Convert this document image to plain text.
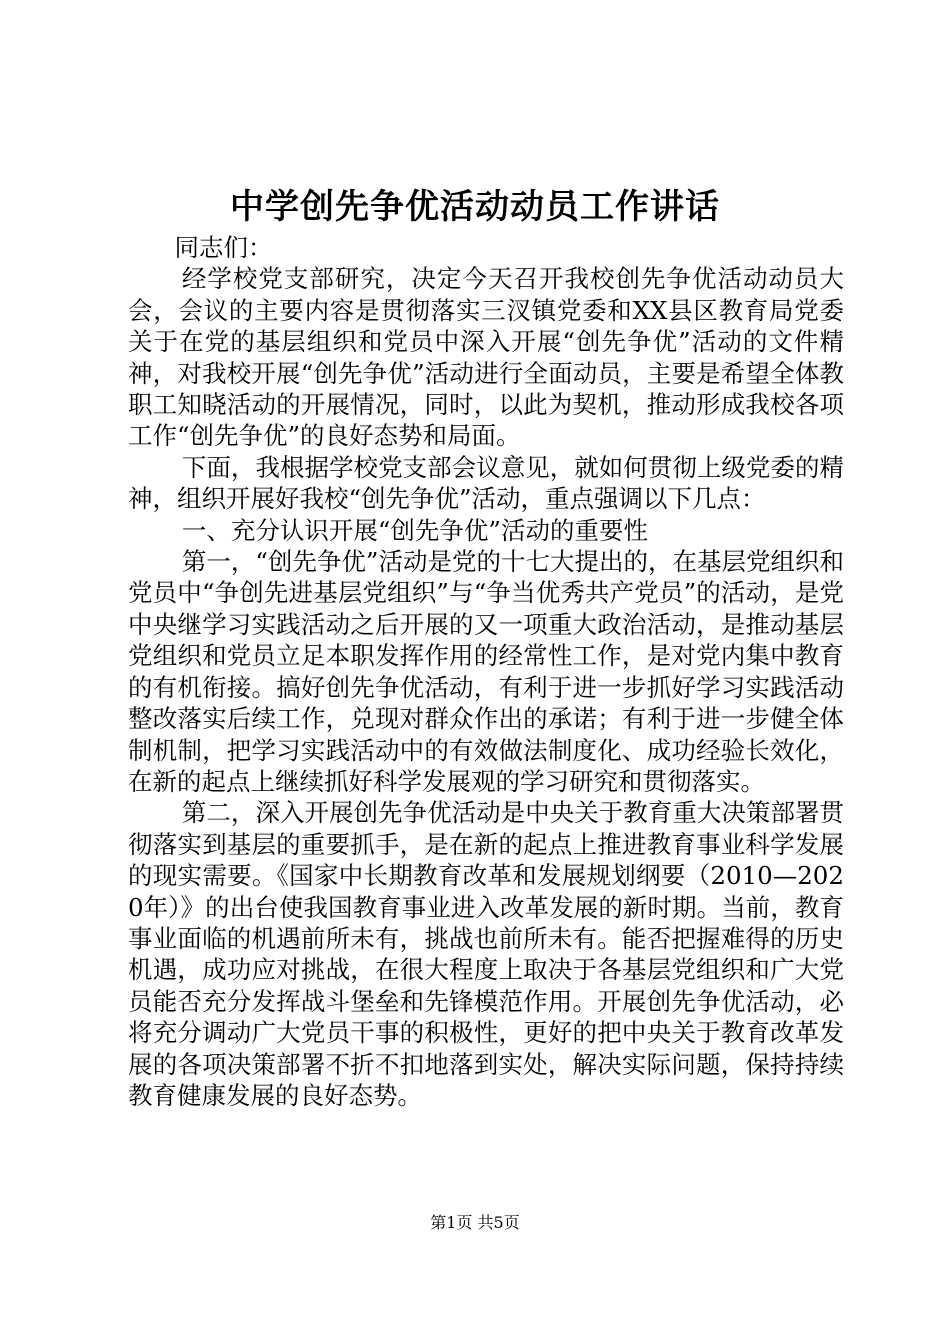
中学创先争优活动动员工作讲话

同志们：

经学校党支部研究，决定今天召开我校创先争优活动动员大会，会议的主要内容是贯彻落实三汊镇党委和XX县区教育局党委关于在党的基层组织和党员中深入开展“创先争优”活动的文件精神，对我校开展“创先争优”活动进行全面动员，主要是希望全体教职工知晓活动的开展情况，同时，以此为契机，推动形成我校各项工作“创先争优”的良好态势和局面。

下面，我根据学校党支部会议意见，就如何贯彻上级党委的精神，组织开展好我校“创先争优”活动，重点强调以下几点：

一、充分认识开展“创先争优”活动的重要性

第一，“创先争优”活动是党的十七大提出的，在基层党组织和党员中“争创先进基层党组织”与“争当优秀共产党员”的活动，是党中央继学习实践活动之后开展的又一项重大政治活动，是推动基层党组织和党员立足本职发挥作用的经常性工作，是对党内集中教育的有机衔接。搞好创先争优活动，有利于进一步抓好学习实践活动整改落实后续工作，兑现对群众作出的承诺；有利于进一步健全体制机制，把学习实践活动中的有效做法制度化、成功经验长效化，在新的起点上继续抓好科学发展观的学习研究和贯彻落实。

第二，深入开展创先争优活动是中央关于教育重大决策部署贯彻落实到基层的重要抓手，是在新的起点上推进教育事业科学发展的现实需要。《国家中长期教育改革和发展规划纲要（2010—2020年）》的出台使我国教育事业进入改革发展的新时期。当前，教育事业面临的机遇前所未有，挑战也前所未有。能否把握难得的历史机遇，成功应对挑战，在很大程度上取决于各基层党组织和广大党员能否充分发挥战斗堡垒和先锋模范作用。开展创先争优活动，必将充分调动广大党员干事的积极性，更好的把中央关于教育改革发展的各项决策部署不折不扣地落到实处，解决实际问题，保持持续教育健康发展的良好态势。

第1页 共5页
